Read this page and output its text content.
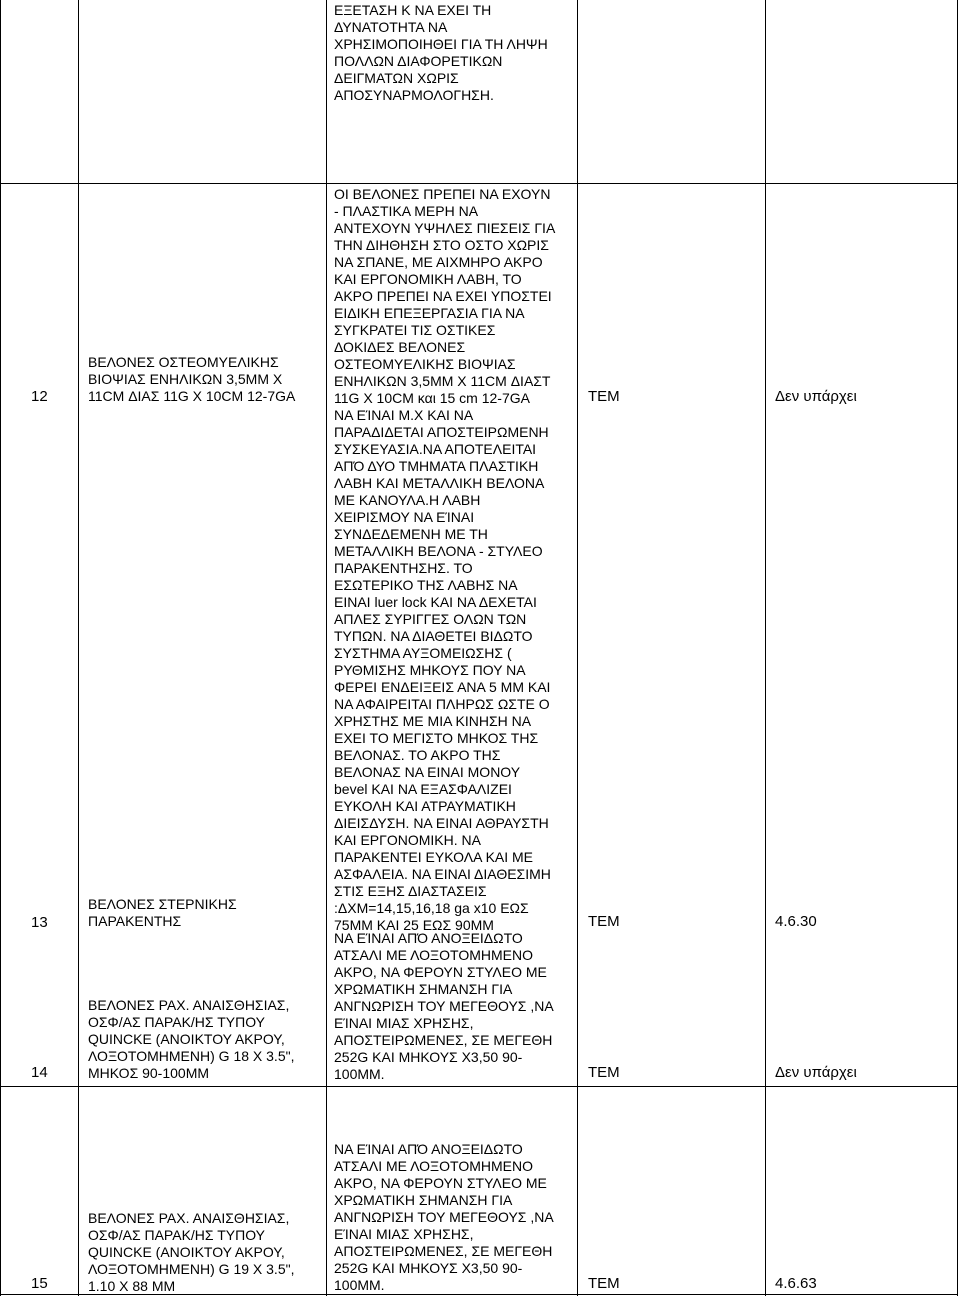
ΕΞΕΤΑΣΗ Κ ΝΑ ΕΧΕΙ ΤΗ
ΔΥΝΑΤΟΤΗΤΑ ΝΑ
ΧΡΗΣΙΜΟΠΟΙΗΘΕΙ ΓΙΑ ΤΗ ΛΗΨΗ
ΠΟΛΛΩΝ ΔΙΑΦΟΡΕΤΙΚΩΝ
ΔΕΙΓΜΑΤΩΝ ΧΩΡΙΣ
ΑΠΟΣΥΝΑΡΜΟΛΟΓΗΣΗ.
12
13
14
15
ΒΕΛΟΝΕΣ ΟΣΤΕΟΜΥΕΛΙΚΗΣ
ΒΙΟΨΙΑΣ ΕΝΗΛΙΚΩΝ 3,5ΜΜ Χ
11CM ΔΙΑΣ 11G X 10CM 12-7GA
ΒΕΛΟΝΕΣ ΣΤΕΡΝΙΚΗΣ
ΠΑΡΑΚΕΝΤΗΣ
ΒΕΛΟΝΕΣ ΡΑΧ. ΑΝΑΙΣΘΗΣΙΑΣ,
ΟΣΦ/ΑΣ ΠΑΡΑΚ/ΗΣ ΤΥΠΟΥ
QUINCKE (ΑΝΟΙΚΤΟΥ ΑΚΡΟΥ,
ΛΟΞΟΤΟΜΗΜΕΝΗ) G 18 X 3.5",
ΜΗΚΟΣ 90-100ΜΜ
ΒΕΛΟΝΕΣ ΡΑΧ. ΑΝΑΙΣΘΗΣΙΑΣ,
ΟΣΦ/ΑΣ ΠΑΡΑΚ/ΗΣ ΤΥΠΟΥ
QUINCKE (ΑΝΟΙΚΤΟΥ ΑΚΡΟΥ,
ΛΟΞΟΤΟΜΗΜΕΝΗ) G 19 X 3.5",
1.10 Χ 88 ΜΜ
ΟΙ ΒΕΛΟΝΕΣ ΠΡΕΠΕΙ ΝΑ ΕΧΟΥΝ
- ΠΛΑΣΤΙΚΑ ΜΕΡΗ ΝΑ
ΑΝΤΕΧΟΥΝ ΥΨΗΛΕΣ ΠΙΕΣΕΙΣ ΓΙΑ
ΤΗΝ ΔΙΗΘΗΣΗ ΣΤΟ ΟΣΤΟ ΧΩΡΙΣ
ΝΑ ΣΠΑΝΕ, ΜΕ ΑΙΧΜΗΡΟ ΑΚΡΟ
ΚΑΙ ΕΡΓΟΝΟΜΙΚΗ ΛΑΒΗ, ΤΟ
ΑΚΡΟ ΠΡΕΠΕΙ ΝΑ ΕΧΕΙ ΥΠΟΣΤΕΙ
ΕΙΔΙΚΗ ΕΠΕΞΕΡΓΑΣΙΑ ΓΙΑ ΝΑ
ΣΥΓΚΡΑΤΕΙ ΤΙΣ ΟΣΤΙΚΕΣ
ΔΟΚΙΔΕΣ ΒΕΛΟΝΕΣ
ΟΣΤΕΟΜΥΕΛΙΚΗΣ ΒΙΟΨΙΑΣ
ΕΝΗΛΙΚΩΝ 3,5ΜΜ Χ 11CM ΔΙΑΣΤ
11G X 10CM και 15 cm 12-7GA
ΝΑ ΕΊΝΑΙ Μ.Χ ΚΑΙ ΝΑ
ΠΑΡΑΔΙΔΕΤΑΙ ΑΠΟΣΤΕΙΡΩΜΕΝΗ
ΣΥΣΚΕΥΑΣΙΑ.ΝΑ ΑΠΟΤΕΛΕΙΤΑΙ
ΑΠΌ ΔΥΟ ΤΜΗΜΑΤΑ ΠΛΑΣΤΙΚΗ
ΛΑΒΗ ΚΑΙ ΜΕΤΑΛΛΙΚΗ ΒΕΛΟΝΑ
ΜΕ ΚΑΝΟΥΛΑ.Η ΛΑΒΗ
ΧΕΙΡΙΣΜΟΥ ΝΑ ΕΊΝΑΙ
ΣΥΝΔΕΔΕΜΕΝΗ ΜΕ ΤΗ
ΜΕΤΑΛΛΙΚΗ ΒΕΛΟΝΑ - ΣΤΥΛΕΟ
ΠΑΡΑΚΕΝΤΗΣΗΣ. ΤΟ
ΕΣΩΤΕΡΙΚΟ ΤΗΣ ΛΑΒΗΣ ΝΑ
ΕΙΝΑΙ luer lock ΚΑΙ ΝΑ ΔΕΧΕΤΑΙ
ΑΠΛΕΣ ΣΥΡΙΓΓΕΣ ΟΛΩΝ ΤΩΝ
ΤΥΠΩΝ. ΝΑ ΔΙΑΘΕΤΕΙ ΒΙΔΩΤΟ
ΣΥΣΤΗΜΑ ΑΥΞΟΜΕΙΩΣΗΣ (
ΡΥΘΜΙΣΗΣ ΜΗΚΟΥΣ ΠΟΥ ΝΑ
ΦΕΡΕΙ ΕΝΔΕΙΞΕΙΣ ΑΝΑ 5 ΜΜ ΚΑΙ
ΝΑ ΑΦΑΙΡΕΙΤΑΙ ΠΛΗΡΩΣ ΩΣΤΕ Ο
ΧΡΗΣΤΗΣ ΜΕ ΜΙΑ ΚΙΝΗΣΗ ΝΑ
ΕΧΕΙ ΤΟ ΜΕΓΙΣΤΟ ΜΗΚΟΣ ΤΗΣ
ΒΕΛΟΝΑΣ. ΤΟ ΑΚΡΟ ΤΗΣ
ΒΕΛΟΝΑΣ ΝΑ ΕΙΝΑΙ ΜΟΝΟΥ
bevel ΚΑΙ ΝΑ ΕΞΑΣΦΑΛΙΖΕΙ
ΕΥΚΟΛΗ ΚΑΙ ΑΤΡΑΥΜΑΤΙΚΗ
ΔΙΕΙΣΔΥΣΗ. ΝΑ ΕΙΝΑΙ ΑΘΡΑΥΣΤΗ
ΚΑΙ ΕΡΓΟΝΟΜΙΚΗ. ΝΑ
ΠΑΡΑΚΕΝΤΕΙ ΕΥΚΟΛΑ ΚΑΙ ΜΕ
ΑΣΦΑΛΕΙΑ. ΝΑ ΕΙΝΑΙ ΔΙΑΘΕΣΙΜΗ
ΣΤΙΣ ΕΞΗΣ ΔΙΑΣΤΑΣΕΙΣ
:ΔΧΜ=14,15,16,18 ga x10 ΕΩΣ
75ΜΜ ΚΑΙ 25 ΕΩΣ 90ΜΜ
ΝΑ ΕΊΝΑΙ ΑΠΌ ΑΝΟΞΕΙΔΩΤΟ
ΑΤΣΑΛΙ ΜΕ ΛΟΞΟΤΟΜΗΜΕΝΟ
ΑΚΡΟ, ΝΑ ΦΕΡΟΥΝ ΣΤΥΛΕΟ ΜΕ
ΧΡΩΜΑΤΙΚΗ ΣΗΜΑΝΣΗ ΓΙΑ
ΑΝΓΝΩΡΙΣΗ ΤΟΥ ΜΕΓΕΘΟΥΣ ,ΝΑ
ΕΊΝΑΙ ΜΙΑΣ ΧΡΗΣΗΣ,
ΑΠΟΣΤΕΙΡΩΜΕΝΕΣ, ΣΕ ΜΕΓΕΘΗ
252G ΚΑΙ ΜΗΚΟΥΣ Χ3,50 90-
100ΜΜ.
ΝΑ ΕΊΝΑΙ ΑΠΌ ΑΝΟΞΕΙΔΩΤΟ
ΑΤΣΑΛΙ ΜΕ ΛΟΞΟΤΟΜΗΜΕΝΟ
ΑΚΡΟ, ΝΑ ΦΕΡΟΥΝ ΣΤΥΛΕΟ ΜΕ
ΧΡΩΜΑΤΙΚΗ ΣΗΜΑΝΣΗ ΓΙΑ
ΑΝΓΝΩΡΙΣΗ ΤΟΥ ΜΕΓΕΘΟΥΣ ,ΝΑ
ΕΊΝΑΙ ΜΙΑΣ ΧΡΗΣΗΣ,
ΑΠΟΣΤΕΙΡΩΜΕΝΕΣ, ΣΕ ΜΕΓΕΘΗ
252G ΚΑΙ ΜΗΚΟΥΣ Χ3,50 90-
100ΜΜ.
ΤΕΜ
ΤΕΜ
ΤΕΜ
ΤΕΜ
Δεν υπάρχει
4.6.30
Δεν υπάρχει
4.6.63
